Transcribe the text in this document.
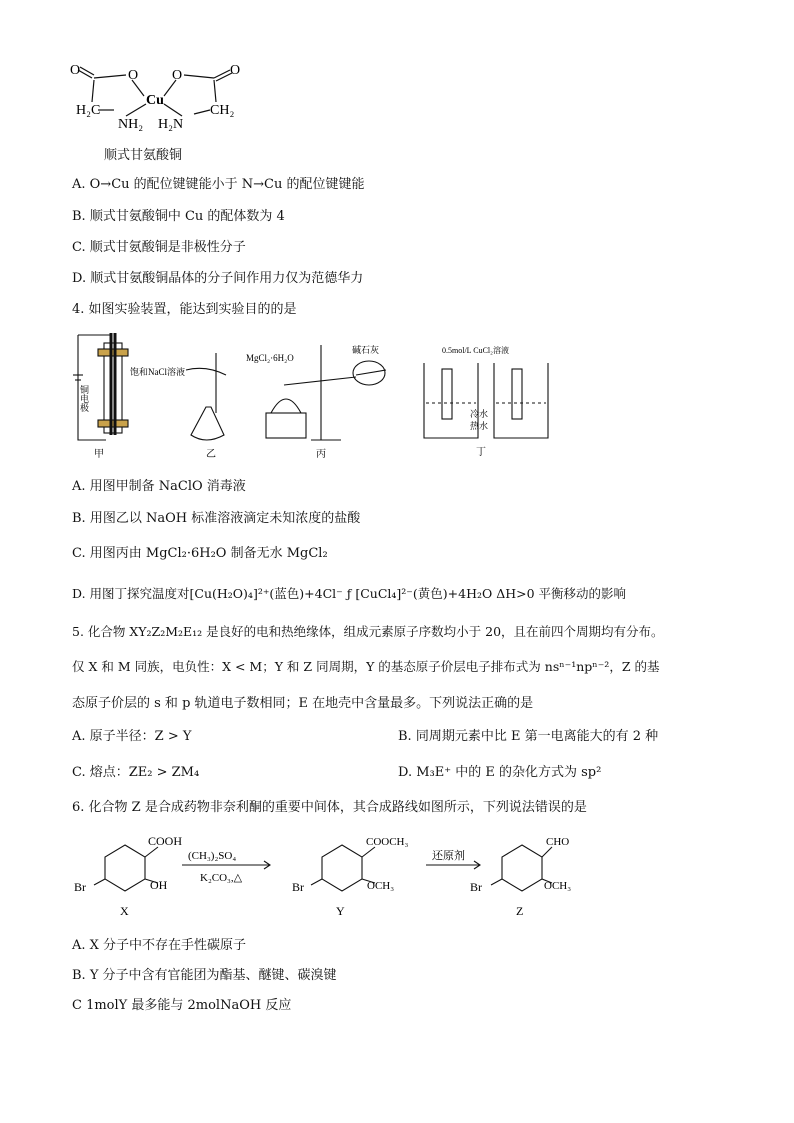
O	O
Cu
O	O
H₂C
NH₂ H₂N
CH₂
顺式甘氨酸铜
A. O→Cu 的配位键键能小于 N→Cu 的配位键键能
B. 顺式甘氨酸铜中 Cu 的配体数为 4
C. 顺式甘氨酸铜是非极性分子
D. 顺式甘氨酸铜晶体的分子间作用力仅为范德华力
4. 如图实验装置，能达到实验目的的是
甲
铜电极
饱和NaCl溶液
乙
MgCl₂·6H₂O
碱石灰
丙
0.5mol/L CuCl₂溶液
冷水
热水
丁
A. 用图甲制备 NaClO 消毒液
B. 用图乙以 NaOH 标准溶液滴定未知浓度的盐酸
C. 用图丙由 MgCl₂·6H₂O 制备无水 MgCl₂
D. 用图丁探究温度对[Cu(H₂O)₄]²⁺(蓝色)+4Cl⁻ ƒ [CuCl₄]²⁻(黄色)+4H₂O ΔH>0 平衡移动的影响
5. 化合物 XY₂Z₂M₂E₁₂ 是良好的电和热绝缘体，组成元素原子序数均小于 20，且在前四个周期均有分布。
仅 X 和 M 同族，电负性：X < M；Y 和 Z 同周期，Y 的基态原子价层电子排布式为 nsⁿ⁻¹npⁿ⁻²，Z 的基
态原子价层的 s 和 p 轨道电子数相同；E 在地壳中含量最多。下列说法正确的是
A. 原子半径：Z > Y	B. 同周期元素中比 E 第一电离能大的有 2 种
C. 熔点：ZE₂ > ZM₄	D. M₃E⁺ 中的 E 的杂化方式为 sp²
6. 化合物 Z 是合成药物非奈利酮的重要中间体，其合成路线如图所示，下列说法错误的是
COOH
OH
Br
X
(CH₃)₂SO₄
K₂CO₃,△
COOCH₃
OCH₃
Br
Y
还原剂
CHO
OCH₃
Br
Z
A. X 分子中不存在手性碳原子
B. Y 分子中含有官能团为酯基、醚键、碳溴键
C 1molY 最多能与 2molNaOH 反应
